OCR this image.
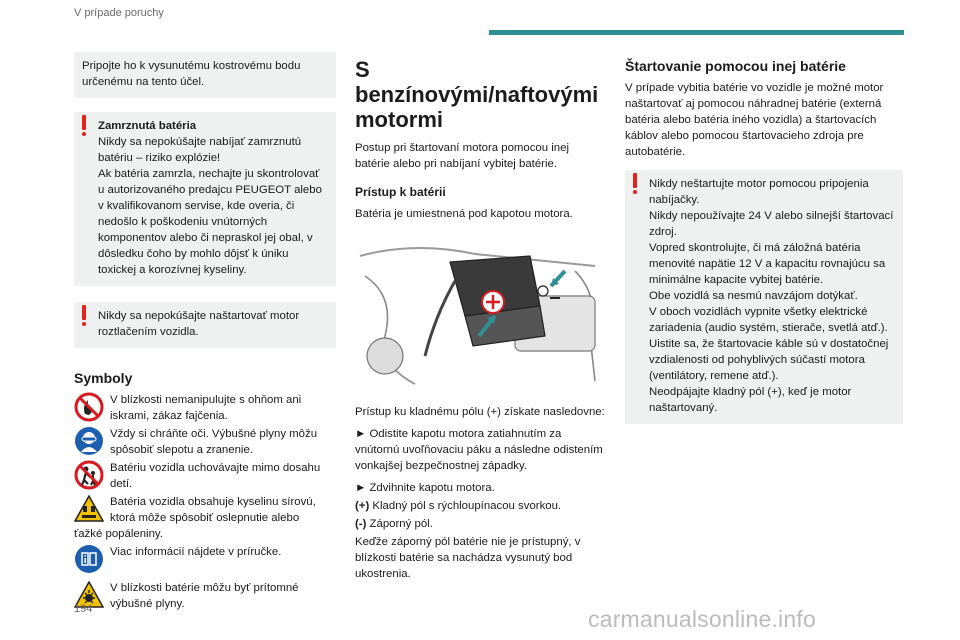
V prípade poruchy

Pripojte ho k vysunutému kostrovému bodu určenému na tento účel.

Zamrznutá batéria

Nikdy sa nepokúšajte nabíjať zamrznutú

batériu – riziko explózie!
Ak batéria zamrzla, nechajte ju skontrolovať u autorizovaného predajcu PEUGEOT alebo v kvalifikovanom servise, kde overia, či nedošlo k poškodeniu vnútorných komponentov alebo či nepraskol jej obal, v dôsledku čoho by mohlo dôjsť k úniku toxickej a korozívnej kyseliny.

Nikdy sa nepokúšajte naštartovať motor roztlačením vozidla.

Symboly
V blízkosti nemanipulujte s ohňom ani iskrami, zákaz fajčenia.
Vždy si chráňte oči. Výbušné plyny môžu spôsobiť slepotu a zranenie.
Batériu vozidla uchovávajte mimo dosahu detí.
Batéria vozidla obsahuje kyselinu sírovú, ktorá môže spôsobiť oslepnutie alebo

ťažké popáleniny.

Viac informácií nájdete v príručke.
V blízkosti batérie môžu byť prítomné výbušné plyny.
S benzínovými/naftovými motormi

Postup pri štartovaní motora pomocou inej batérie alebo pri nabíjaní vybitej batérie.

Prístup k batérii

Batéria je umiestnená pod kapotou motora.

Prístup ku kladnému pólu (+) získate nasledovne:

► Odistite kapotu motora zatiahnutím za vnútornú uvoľňovaciu páku a následne odistením vonkajšej bezpečnostnej západky.

► Zdvihnite kapotu motora.

(+) Kladný pól s rýchloupínacou svorkou.

(-) Záporný pól.

Keďže záporný pól batérie nie je prístupný, v blízkosti batérie sa nachádza vysunutý bod ukostrenia.

Štartovanie pomocou inej batérie

V prípade vybitia batérie vo vozidle je možné motor naštartovať aj pomocou náhradnej batérie (externá batéria alebo batéria iného vozidla) a štartovacích káblov alebo pomocou štartovacieho zdroja pre autobatérie.

Nikdy neštartujte motor pomocou pripojenia nabíjačky.

Nikdy nepoužívajte 24 V alebo silnejší štartovací zdroj.
Vopred skontrolujte, či má záložná batéria menovité napätie 12 V a kapacitu rovnajúcu sa minimálne kapacite vybitej batérie.
Obe vozidlá sa nesmú navzájom dotýkať.
V oboch vozidlách vypnite všetky elektrické zariadenia (audio systém, stierače, svetlá atď.).
Uistite sa, že štartovacie káble sú v dostatočnej vzdialenosti od pohyblivých súčastí motora (ventilátory, remene atď.).
Neodpájajte kladný pól (+), keď je motor naštartovaný.

194	carmanualsonline.info
